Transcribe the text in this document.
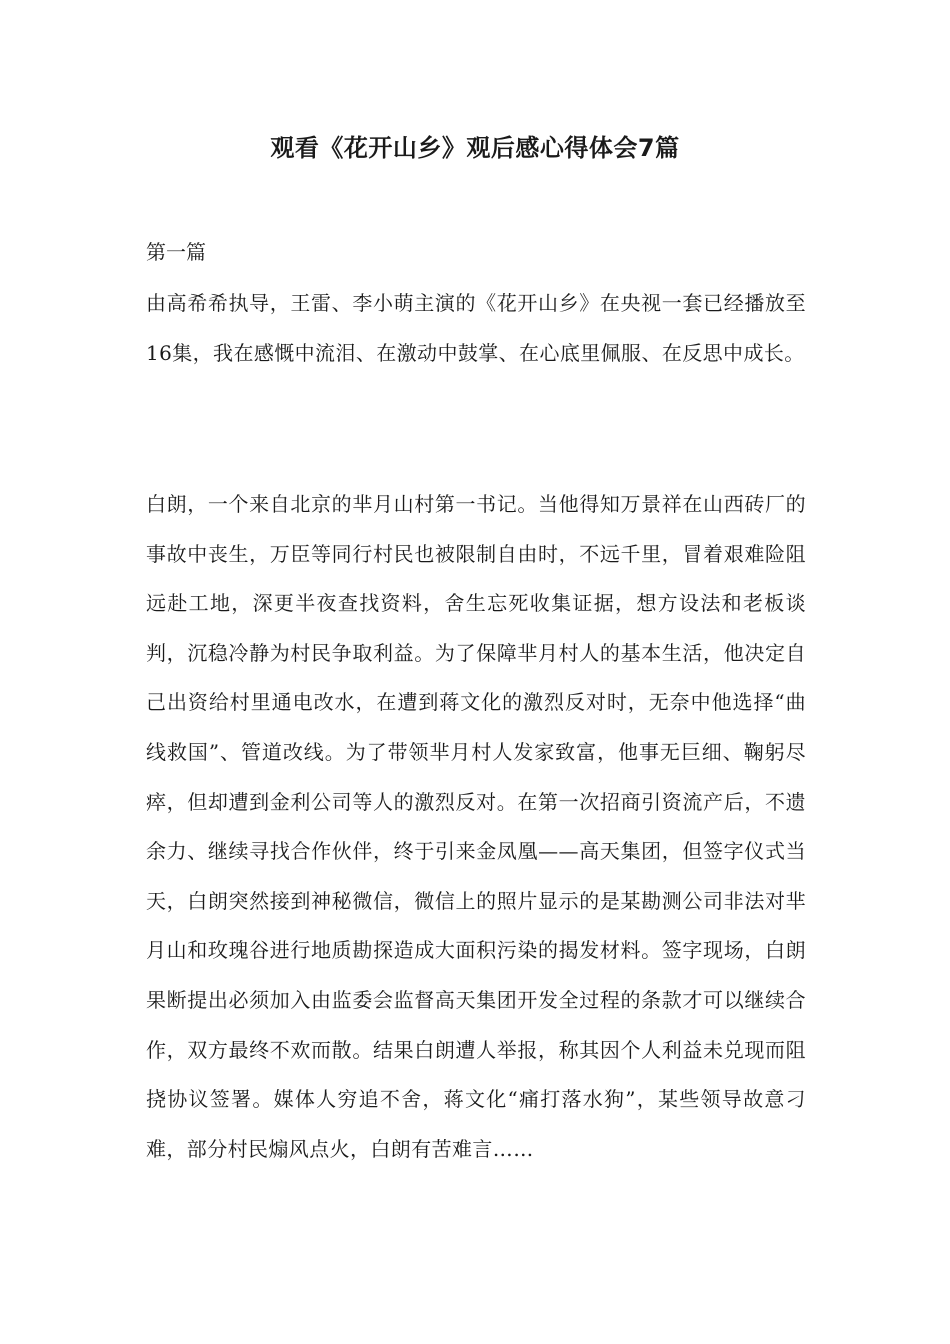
观看《花开山乡》观后感心得体会7篇

第一篇

由高希希执导，王雷、李小萌主演的《花开山乡》在央视一套已经播放至16集，我在感慨中流泪、在激动中鼓掌、在心底里佩服、在反思中成长。

白朗，一个来自北京的芈月山村第一书记。当他得知万景祥在山西砖厂的事故中丧生，万臣等同行村民也被限制自由时，不远千里，冒着艰难险阻远赴工地，深更半夜查找资料，舍生忘死收集证据，想方设法和老板谈判，沉稳冷静为村民争取利益。为了保障芈月村人的基本生活，他决定自己出资给村里通电改水，在遭到蒋文化的激烈反对时，无奈中他选择“曲线救国”、管道改线。为了带领芈月村人发家致富，他事无巨细、鞠躬尽瘁，但却遭到金利公司等人的激烈反对。在第一次招商引资流产后，不遗余力、继续寻找合作伙伴，终于引来金凤凰——高天集团，但签字仪式当天，白朗突然接到神秘微信，微信上的照片显示的是某勘测公司非法对芈月山和玫瑰谷进行地质勘探造成大面积污染的揭发材料。签字现场，白朗果断提出必须加入由监委会监督高天集团开发全过程的条款才可以继续合作，双方最终不欢而散。结果白朗遭人举报，称其因个人利益未兑现而阻挠协议签署。媒体人穷追不舍，蒋文化“痛打落水狗”，某些领导故意刁难，部分村民煽风点火，白朗有苦难言……
